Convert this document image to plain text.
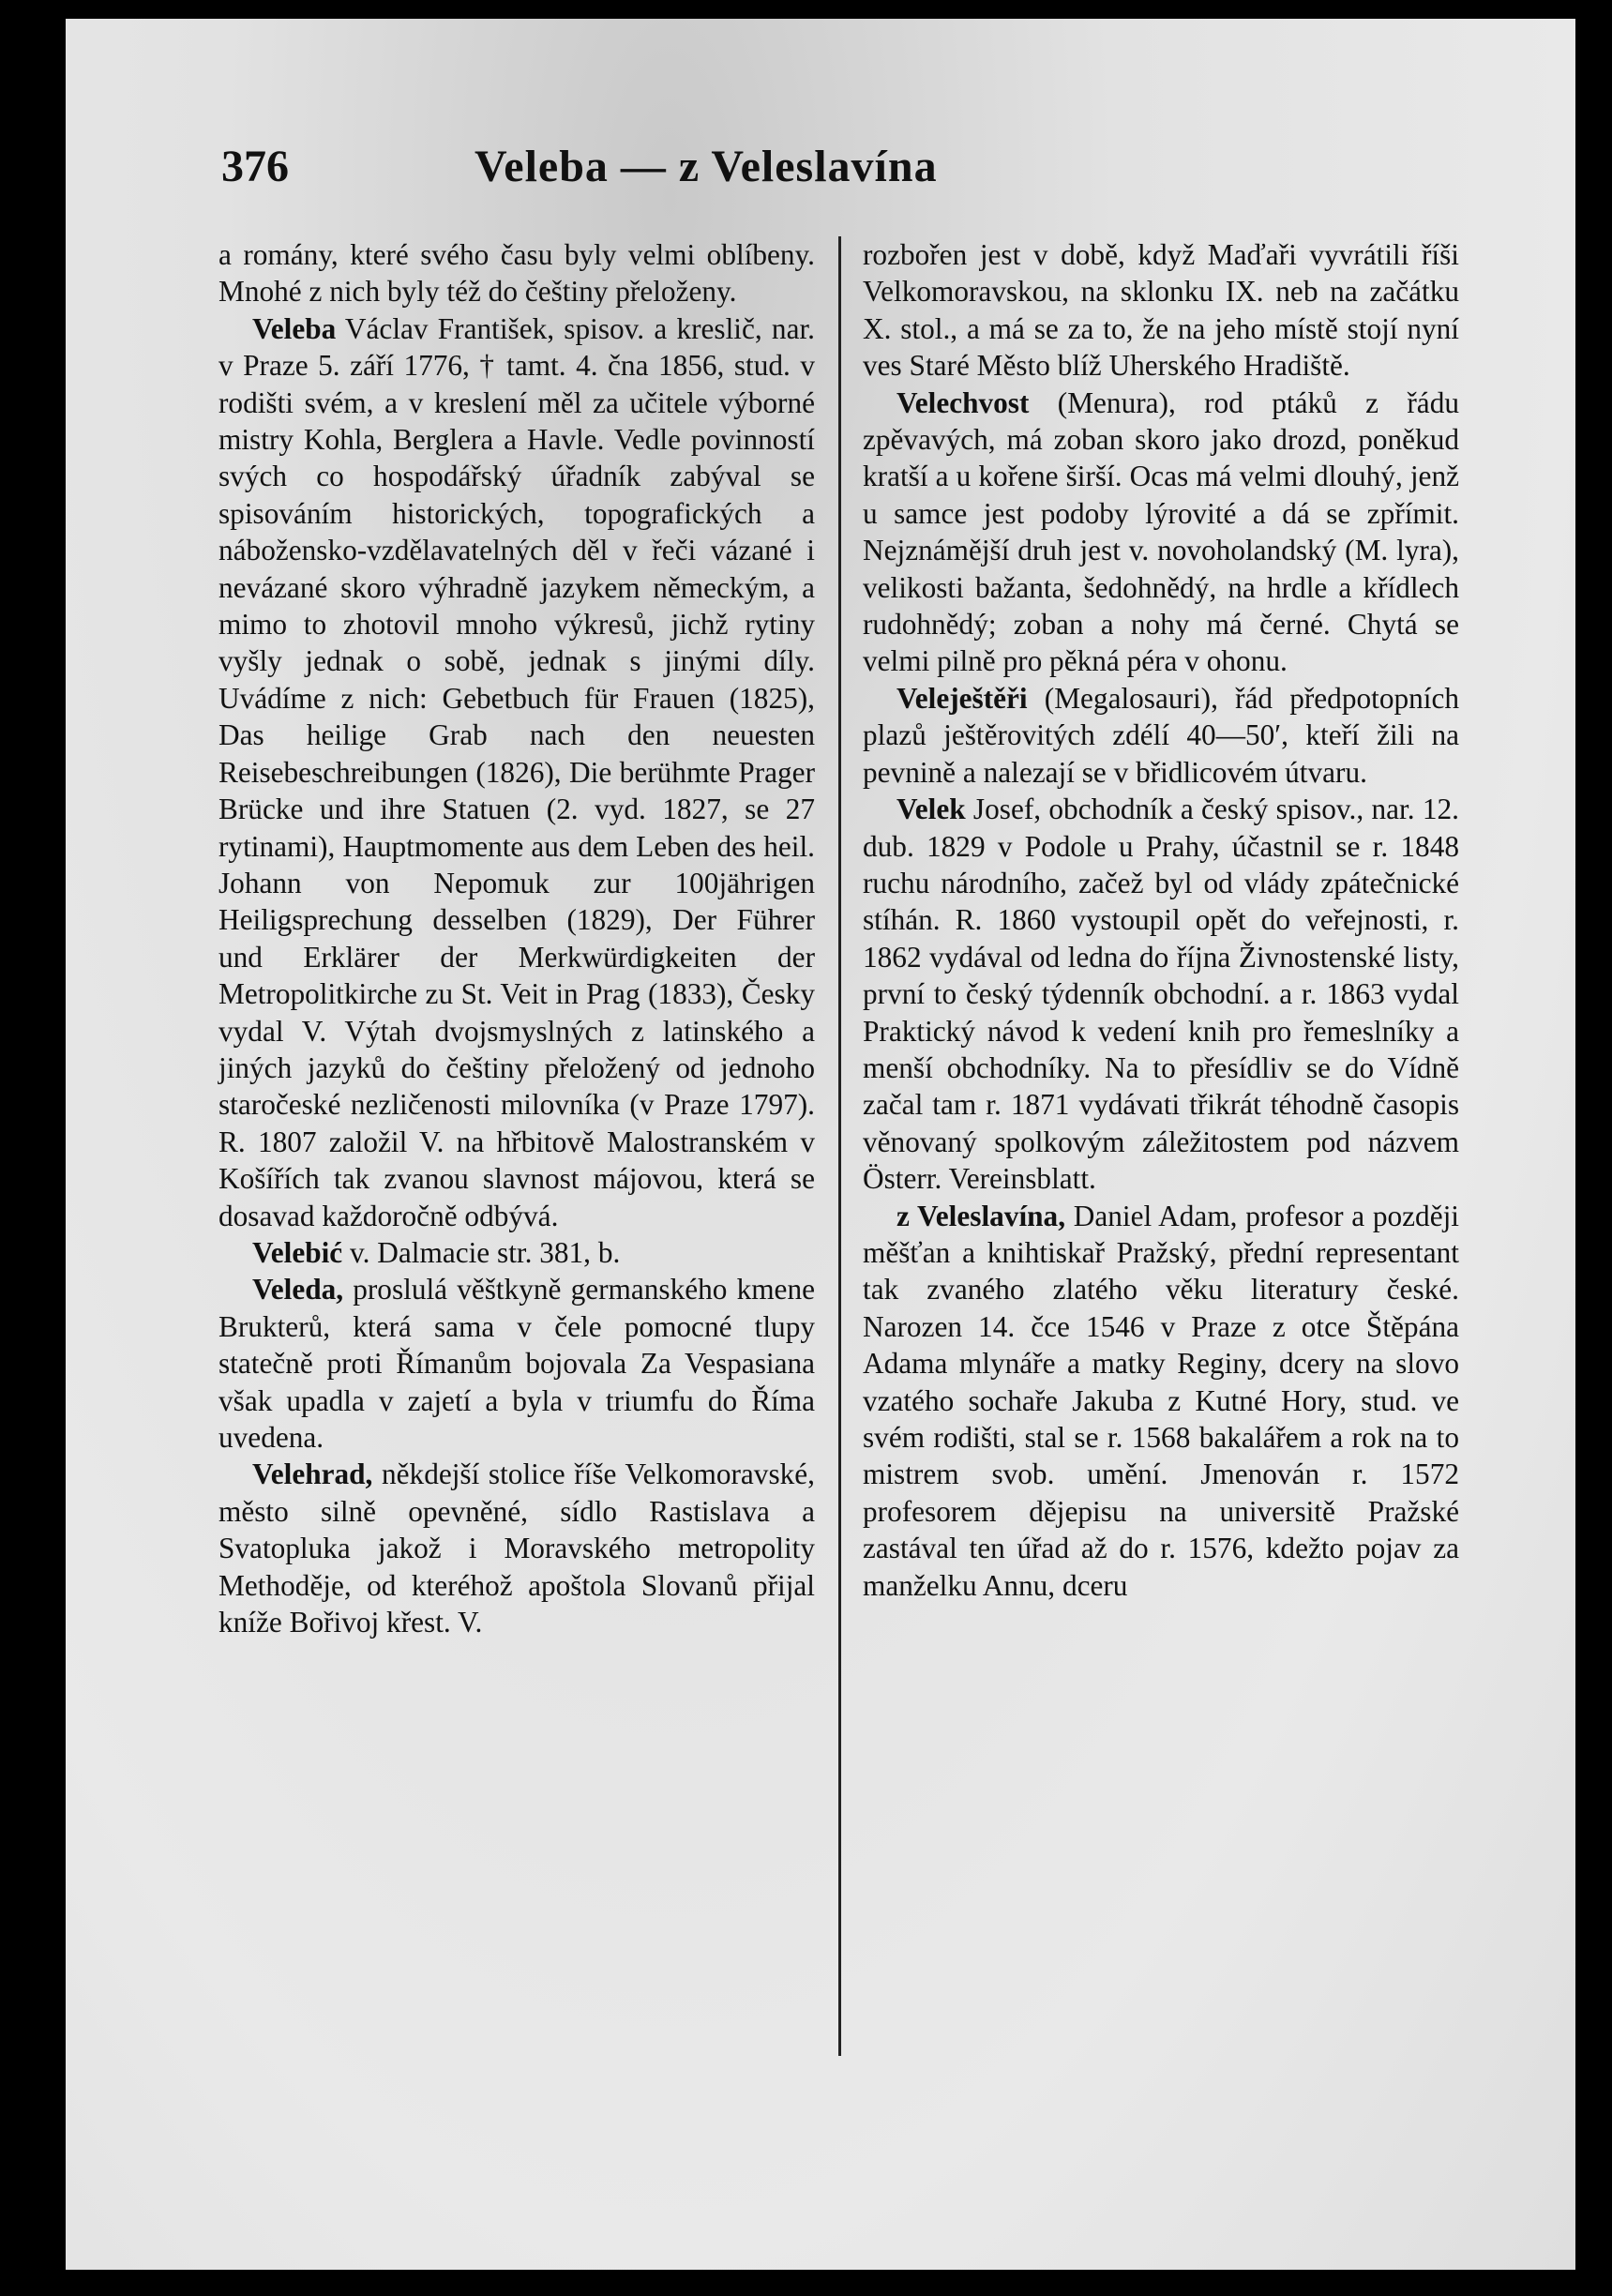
376	Veleba — z Veleslavína

a romány, které svého času byly velmi oblíbeny. Mnohé z nich byly též do češtiny přeloženy.

Veleba Václav František, spisov. a kreslič, nar. v Praze 5. září 1776, † tamt. 4. čna 1856, stud. v rodišti svém, a v kreslení měl za učitele výborné mistry Kohla, Berglera a Havle. Vedle povinností svých co hospodářský úřadník zabýval se spisováním historických, topografických a nábožensko-vzdělavatelných děl v řeči vázané i nevázané skoro výhradně jazykem německým, a mimo to zhotovil mnoho výkresů, jichž rytiny vyšly jednak o sobě, jednak s jinými díly. Uvádíme z nich: Gebetbuch für Frauen (1825), Das heilige Grab nach den neuesten Reisebeschreibungen (1826), Die berühmte Prager Brücke und ihre Statuen (2. vyd. 1827, se 27 rytinami), Hauptmomente aus dem Leben des heil. Johann von Nepomuk zur 100jährigen Heiligsprechung desselben (1829), Der Führer und Erklärer der Merkwürdigkeiten der Metropolitkirche zu St. Veit in Prag (1833), Česky vydal V. Výtah dvojsmyslných z latinského a jiných jazyků do češtiny přeložený od jednoho staročeské nezličenosti milovníka (v Praze 1797). R. 1807 založil V. na hřbitově Malostranském v Košířích tak zvanou slavnost májovou, která se dosavad každoročně odbývá.

Velebić v. Dalmacie str. 381, b.

Veleda, proslulá věštkyně germanského kmene Brukterů, která sama v čele pomocné tlupy statečně proti Římanům bojovala Za Vespasiana však upadla v zajetí a byla v triumfu do Říma uvedena.

Velehrad, někdejší stolice říše Velkomoravské, město silně opevněné, sídlo Rastislava a Svatopluka jakož i Moravského metropolity Methoděje, od kteréhož apoštola Slovanů přijal kníže Bořivoj křest. V.

rozbořen jest v době, když Maďaři vyvrátili říši Velkomoravskou, na sklonku IX. neb na začátku X. stol., a má se za to, že na jeho místě stojí nyní ves Staré Město blíž Uherského Hradiště.

Velechvost (Menura), rod ptáků z řádu zpěvavých, má zoban skoro jako drozd, poněkud kratší a u kořene širší. Ocas má velmi dlouhý, jenž u samce jest podoby lýrovité a dá se zpřímit. Nejznámější druh jest v. novoholandský (M. lyra), velikosti bažanta, šedohnědý, na hrdle a křídlech rudohnědý; zoban a nohy má černé. Chytá se velmi pilně pro pěkná péra v ohonu.

Veleještěři (Megalosauri), řád předpotopních plazů ještěrovitých zdélí 40—50′, kteří žili na pevnině a nalezají se v břidlicovém útvaru.

Velek Josef, obchodník a český spisov., nar. 12. dub. 1829 v Podole u Prahy, účastnil se r. 1848 ruchu národního, začež byl od vlády zpátečnické stíhán. R. 1860 vystoupil opět do veřejnosti, r. 1862 vydával od ledna do října Živnostenské listy, první to český týdenník obchodní. a r. 1863 vydal Praktický návod k vedení knih pro řemeslníky a menší obchodníky. Na to přesídliv se do Vídně začal tam r. 1871 vydávati třikrát téhodně časopis věnovaný spolkovým záležitostem pod názvem Österr. Vereinsblatt.

z Veleslavína, Daniel Adam, profesor a později měšťan a knihtiskař Pražský, přední representant tak zvaného zlatého věku literatury české. Narozen 14. čce 1546 v Praze z otce Štěpána Adama mlynáře a matky Reginy, dcery na slovo vzatého sochaře Jakuba z Kutné Hory, stud. ve svém rodišti, stal se r. 1568 bakalářem a rok na to mistrem svob. umění. Jmenován r. 1572 profesorem dějepisu na universitě Pražské zastával ten úřad až do r. 1576, kdežto pojav za manželku Annu, dceru
